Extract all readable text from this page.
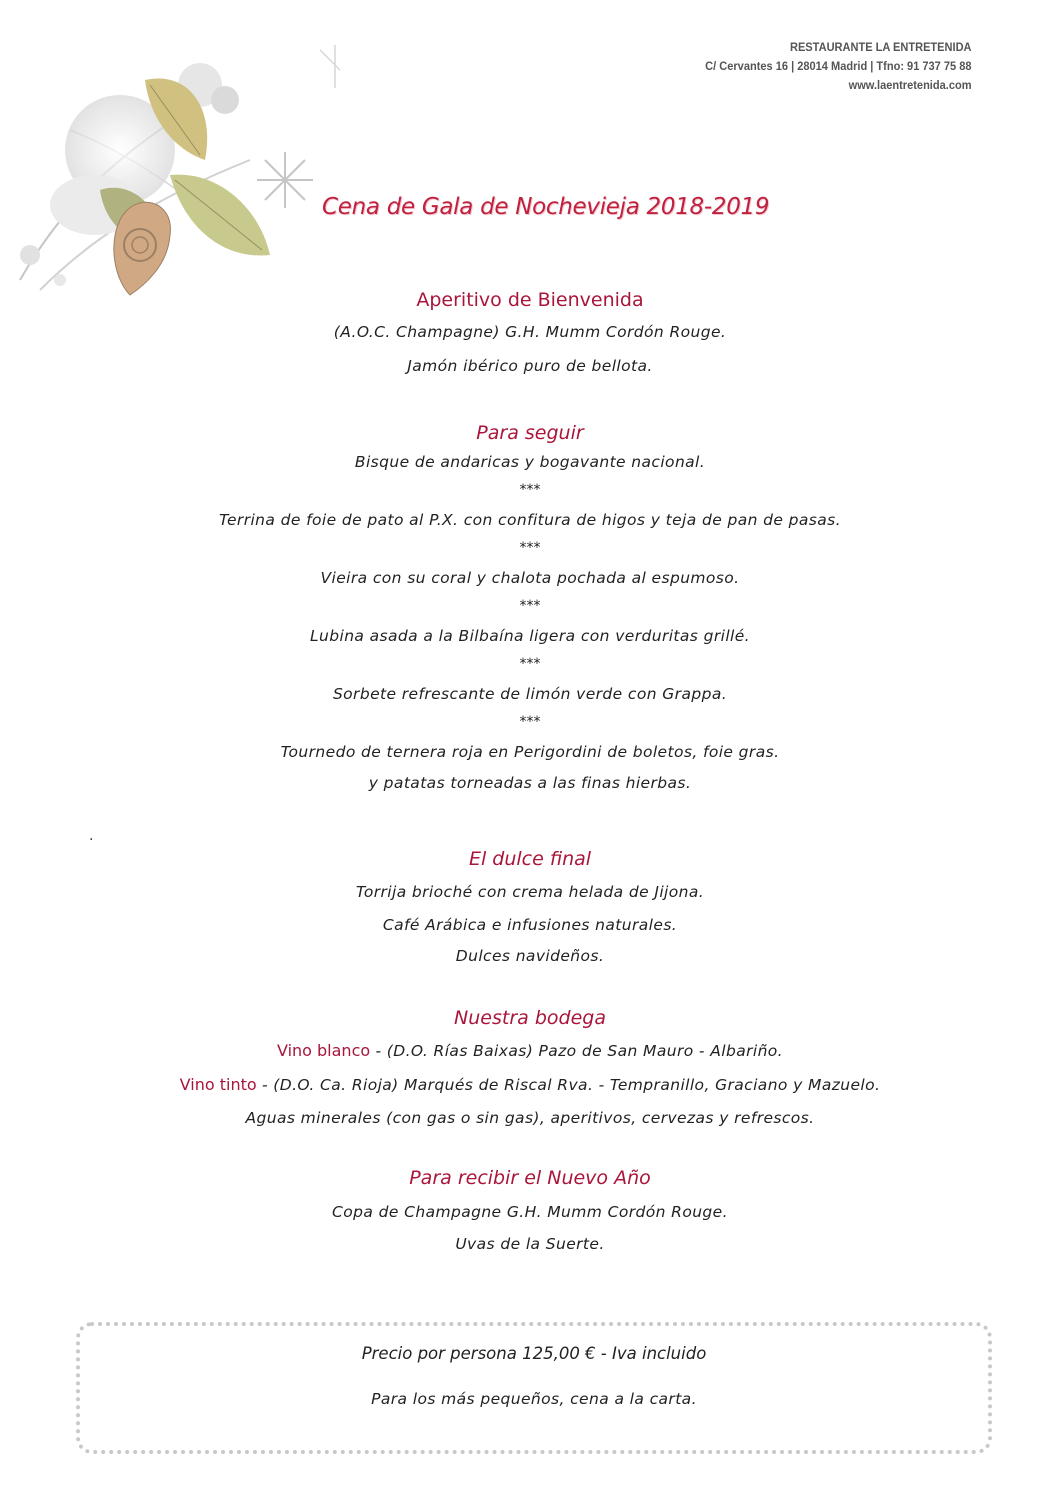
RESTAURANTE LA ENTRETENIDA
C/ Cervantes 16 | 28014 Madrid | Tfno: 91 737 75 88
www.laentretenida.com
Cena de Gala de Nochevieja 2018-2019
Aperitivo de Bienvenida
(A.O.C. Champagne) G.H. Mumm Cordón Rouge.
Jamón ibérico puro de bellota.
Para seguir
Bisque de andaricas y bogavante nacional.
***
Terrina de foie de pato al P.X. con confitura de higos y teja de pan de pasas.
***
Vieira con su coral y chalota pochada al espumoso.
***
Lubina asada a la Bilbaína ligera con verduritas grillé.
***
Sorbete refrescante de limón verde con Grappa.
***
Tournedo de ternera roja en Perigordini de boletos, foie gras.
y patatas torneadas a las finas hierbas.
.
El dulce final
Torrija brioché con crema helada de Jijona.
Café Arábica e infusiones naturales.
Dulces navideños.
Nuestra bodega
Vino blanco - (D.O. Rías Baixas) Pazo de San Mauro - Albariño.
Vino tinto - (D.O. Ca. Rioja) Marqués de Riscal Rva. - Tempranillo, Graciano y Mazuelo.
Aguas minerales (con gas o sin gas), aperitivos, cervezas y refrescos.
Para recibir el Nuevo Año
Copa de Champagne G.H. Mumm Cordón Rouge.
Uvas de la Suerte.
Precio por persona 125,00 € - Iva incluido
Para los más pequeños, cena a la carta.
